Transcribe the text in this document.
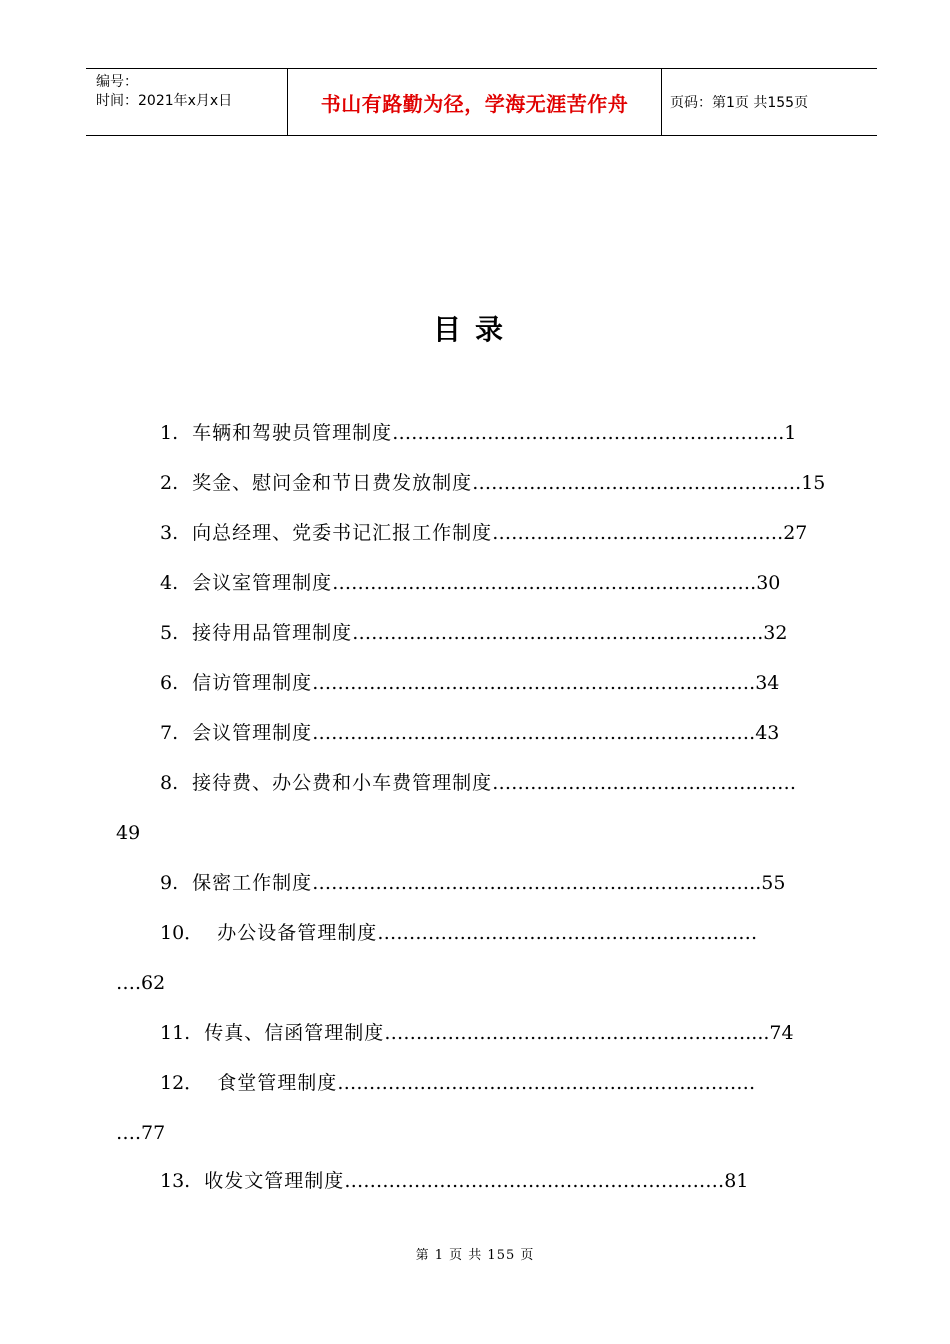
编号：
时间：2021年x月x日	书山有路勤为径，学海无涯苦作舟	页码：第1页 共155页
目录
1. 车辆和驾驶员管理制度……………………………………………………..1
2. 奖金、慰问金和节日费发放制度…………………………………………….15
3. 向总经理、党委书记汇报工作制度……………………………………….27
4. 会议室管理制度………………………………………………………….30
5. 接待用品管理制度………………………………………………………..32
6. 信访管理制度…………………………………………………………….34
7. 会议管理制度…………………………………………………………….43
8. 接待费、办公费和小车费管理制度…………………………………………
49
9. 保密工作制度……………………………………………………………..55
10． 办公设备管理制度……………………………………………………
….62
11. 传真、信函管理制度…………………………………………………....74
12． 食堂管理制度…………………………………………………………
….77
13. 收发文管理制度……………………………………………………81
第 1 页 共 155 页
